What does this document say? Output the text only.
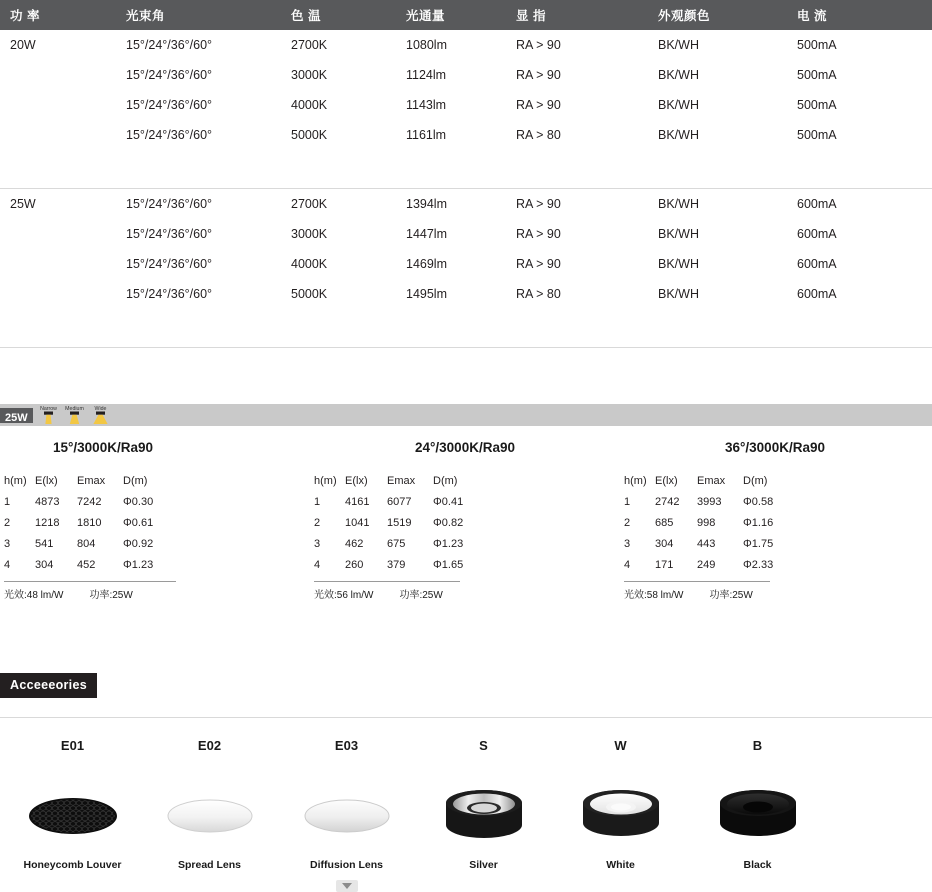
功 率	光束角	色 温	光通量	显 指	外观颜色	电 流
20W	15°/24°/36°/60°	2700K	1080lm	RA > 90	BK/WH	500mA
	15°/24°/36°/60°	3000K	1124lm	RA > 90	BK/WH	500mA
	15°/24°/36°/60°	4000K	1143lm	RA > 90	BK/WH	500mA
	15°/24°/36°/60°	5000K	1161lm	RA > 80	BK/WH	500mA

25W	15°/24°/36°/60°	2700K	1394lm	RA > 90	BK/WH	600mA
	15°/24°/36°/60°	3000K	1447lm	RA > 90	BK/WH	600mA
	15°/24°/36°/60°	4000K	1469lm	RA > 90	BK/WH	600mA
	15°/24°/36°/60°	5000K	1495lm	RA > 80	BK/WH	600mA

25W
Narrow	Medium	Wide
15°/3000K/Ra90
h(m)	E(lx)	Emax	D(m)
1	4873	7242	Φ0.30
2	1218	1810	Φ0.61
3	541	804	Φ0.92
4	304	452	Φ1.23
光效:48 lm/W	功率:25W
24°/3000K/Ra90
h(m)	E(lx)	Emax	D(m)
1	4161	6077	Φ0.41
2	1041	1519	Φ0.82
3	462	675	Φ1.23
4	260	379	Φ1.65
光效:56 lm/W	功率:25W
36°/3000K/Ra90
h(m)	E(lx)	Emax	D(m)
1	2742	3993	Φ0.58
2	685	998	Φ1.16
3	304	443	Φ1.75
4	171	249	Φ2.33
光效:58 lm/W	功率:25W
Acceeeories
E01
Honeycomb Louver
E02
Spread Lens
E03
Diffusion Lens
S
Silver
W
White
B
Black
